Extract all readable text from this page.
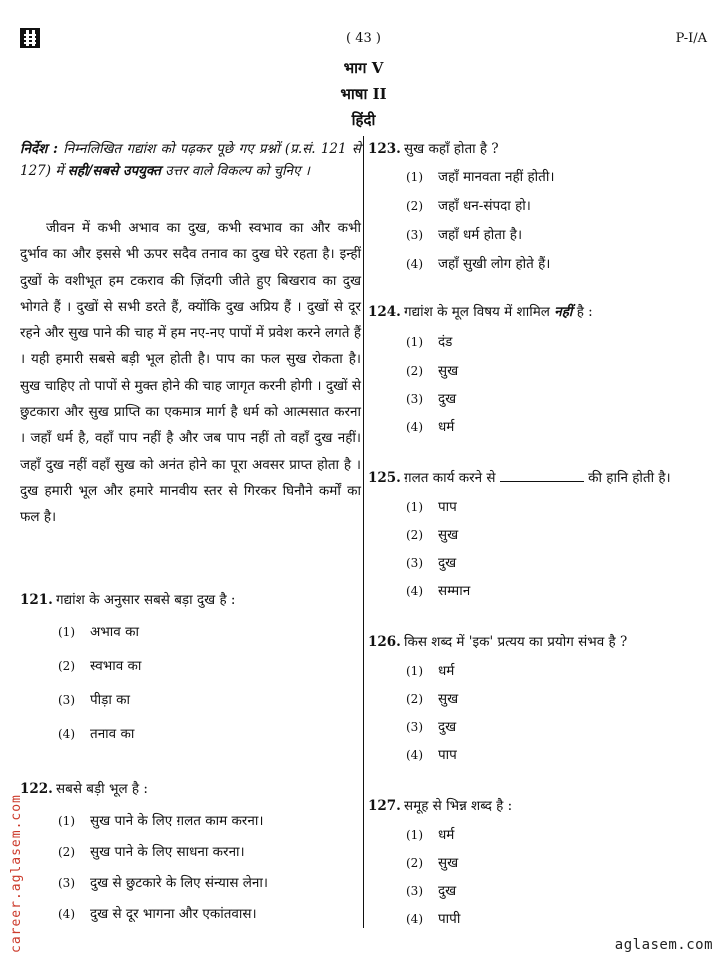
( 43 )	P-I/A
भाग V
भाषा II
हिंदी
निर्देश : निम्नलिखित गद्यांश को पढ़कर पूछे गए प्रश्नों (प्र.सं. 121 से 127) में सही/सबसे उपयुक्त उत्तर वाले विकल्प को चुनिए ।
जीवन में कभी अभाव का दुख, कभी स्वभाव का और कभी दुर्भाव का और इससे भी ऊपर सदैव तनाव का दुख घेरे रहता है। इन्हीं दुखों के वशीभूत हम टकराव की ज़िंदगी जीते हुए बिखराव का दुख भोगते हैं । दुखों से सभी डरते हैं, क्योंकि दुख अप्रिय हैं । दुखों से दूर रहने और सुख पाने की चाह में हम नए-नए पापों में प्रवेश करने लगते हैं । यही हमारी सबसे बड़ी भूल होती है। पाप का फल सुख रोकता है। सुख चाहिए तो पापों से मुक्त होने की चाह जागृत करनी होगी । दुखों से छुटकारा और सुख प्राप्ति का एकमात्र मार्ग है धर्म को आत्मसात करना । जहाँ धर्म है, वहाँ पाप नहीं है और जब पाप नहीं तो वहाँ दुख नहीं। जहाँ दुख नहीं वहाँ सुख को अनंत होने का पूरा अवसर प्राप्त होता है । दुख हमारी भूल और हमारे मानवीय स्तर से गिरकर घिनौने कर्मों का फल है।
121. गद्यांश के अनुसार सबसे बड़ा दुख है :
(1) अभाव का
(2) स्वभाव का
(3) पीड़ा का
(4) तनाव का
122. सबसे बड़ी भूल है :
(1) सुख पाने के लिए ग़लत काम करना।
(2) सुख पाने के लिए साधना करना।
(3) दुख से छुटकारे के लिए संन्यास लेना।
(4) दुख से दूर भागना और एकांतवास।
123. सुख कहाँ होता है ?
(1) जहाँ मानवता नहीं होती।
(2) जहाँ धन-संपदा हो।
(3) जहाँ धर्म होता है।
(4) जहाँ सुखी लोग होते हैं।
124. गद्यांश के मूल विषय में शामिल नहीं है :
(1) दंड
(2) सुख
(3) दुख
(4) धर्म
125. ग़लत कार्य करने से	की हानि होती है।
(1) पाप
(2) सुख
(3) दुख
(4) सम्मान
126. किस शब्द में 'इक' प्रत्यय का प्रयोग संभव है ?
(1) धर्म
(2) सुख
(3) दुख
(4) पाप
127. समूह से भिन्न शब्द है :
(1) धर्म
(2) सुख
(3) दुख
(4) पापी
career.aglasem.com	aglasem.com
